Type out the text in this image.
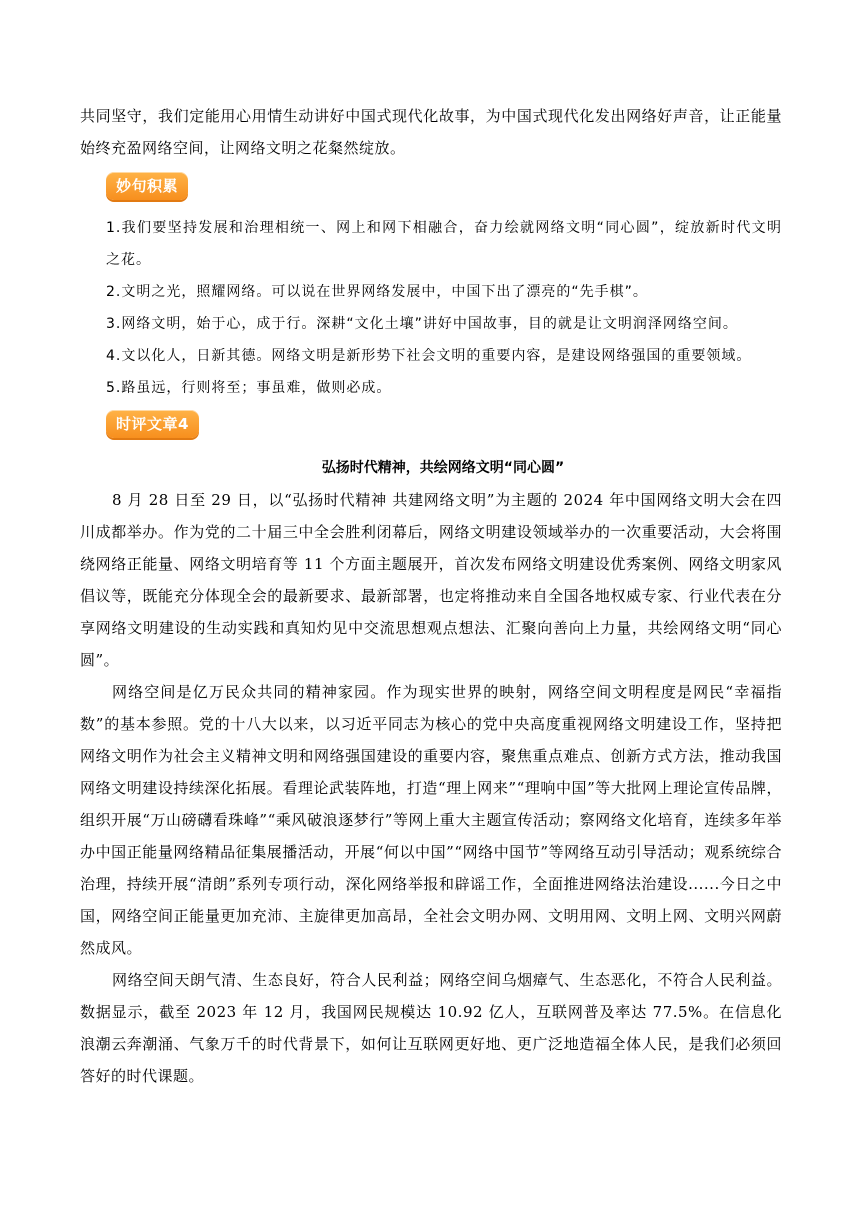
共同坚守，我们定能用心用情生动讲好中国式现代化故事，为中国式现代化发出网络好声音，让正能量始终充盈网络空间，让网络文明之花粲然绽放。

妙句积累

1.我们要坚持发展和治理相统一、网上和网下相融合，奋力绘就网络文明“同心圆”，绽放新时代文明之花。

2.文明之光，照耀网络。可以说在世界网络发展中，中国下出了漂亮的“先手棋”。

3.网络文明，始于心，成于行。深耕“文化土壤”讲好中国故事，目的就是让文明润泽网络空间。

4.文以化人，日新其德。网络文明是新形势下社会文明的重要内容，是建设网络强国的重要领域。

5.路虽远，行则将至；事虽难，做则必成。

时评文章4
弘扬时代精神，共绘网络文明“同心圆”

8 月 28 日至 29 日，以“弘扬时代精神 共建网络文明”为主题的 2024 年中国网络文明大会在四川成都举办。作为党的二十届三中全会胜利闭幕后，网络文明建设领域举办的一次重要活动，大会将围绕网络正能量、网络文明培育等 11 个方面主题展开，首次发布网络文明建设优秀案例、网络文明家风倡议等，既能充分体现全会的最新要求、最新部署，也定将推动来自全国各地权威专家、行业代表在分享网络文明建设的生动实践和真知灼见中交流思想观点想法、汇聚向善向上力量，共绘网络文明“同心圆”。

网络空间是亿万民众共同的精神家园。作为现实世界的映射，网络空间文明程度是网民“幸福指数”的基本参照。党的十八大以来，以习近平同志为核心的党中央高度重视网络文明建设工作，坚持把网络文明作为社会主义精神文明和网络强国建设的重要内容，聚焦重点难点、创新方式方法，推动我国网络文明建设持续深化拓展。看理论武装阵地，打造“理上网来”“理响中国”等大批网上理论宣传品牌，组织开展“万山磅礴看珠峰”“乘风破浪逐梦行”等网上重大主题宣传活动；察网络文化培育，连续多年举办中国正能量网络精品征集展播活动，开展“何以中国”“网络中国节”等网络互动引导活动；观系统综合治理，持续开展“清朗”系列专项行动，深化网络举报和辟谣工作，全面推进网络法治建设......今日之中国，网络空间正能量更加充沛、主旋律更加高昂，全社会文明办网、文明用网、文明上网、文明兴网蔚然成风。

网络空间天朗气清、生态良好，符合人民利益；网络空间乌烟瘴气、生态恶化，不符合人民利益。数据显示，截至 2023 年 12 月，我国网民规模达 10.92 亿人，互联网普及率达 77.5%。在信息化浪潮云奔潮涌、气象万千的时代背景下，如何让互联网更好地、更广泛地造福全体人民，是我们必须回答好的时代课题。
